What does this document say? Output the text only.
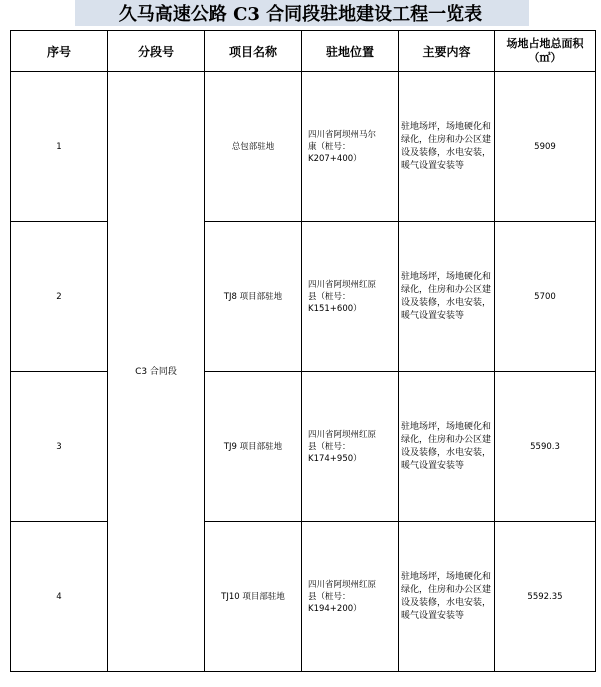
久马高速公路 C3 合同段驻地建设工程一览表
序号	分段号	项目名称	驻地位置	主要内容	场地占地总面积
（㎡）
1	C3 合同段	总包部驻地	四川省阿坝州马尔
康（桩号：
K207+400）	驻地场坪，场地硬化和绿化，住房和办公区建设及装修，水电安装，暖气设置安装等	5909
2		TJ8 项目部驻地	四川省阿坝州红原
县（桩号：
K151+600）	驻地场坪，场地硬化和绿化，住房和办公区建设及装修，水电安装，暖气设置安装等	5700
3		TJ9 项目部驻地	四川省阿坝州红原
县（桩号：
K174+950）	驻地场坪，场地硬化和绿化，住房和办公区建设及装修，水电安装，暖气设置安装等	5590.3
4		TJ10 项目部驻地	四川省阿坝州红原
县（桩号：
K194+200）	驻地场坪，场地硬化和绿化，住房和办公区建设及装修，水电安装，暖气设置安装等	5592.35
